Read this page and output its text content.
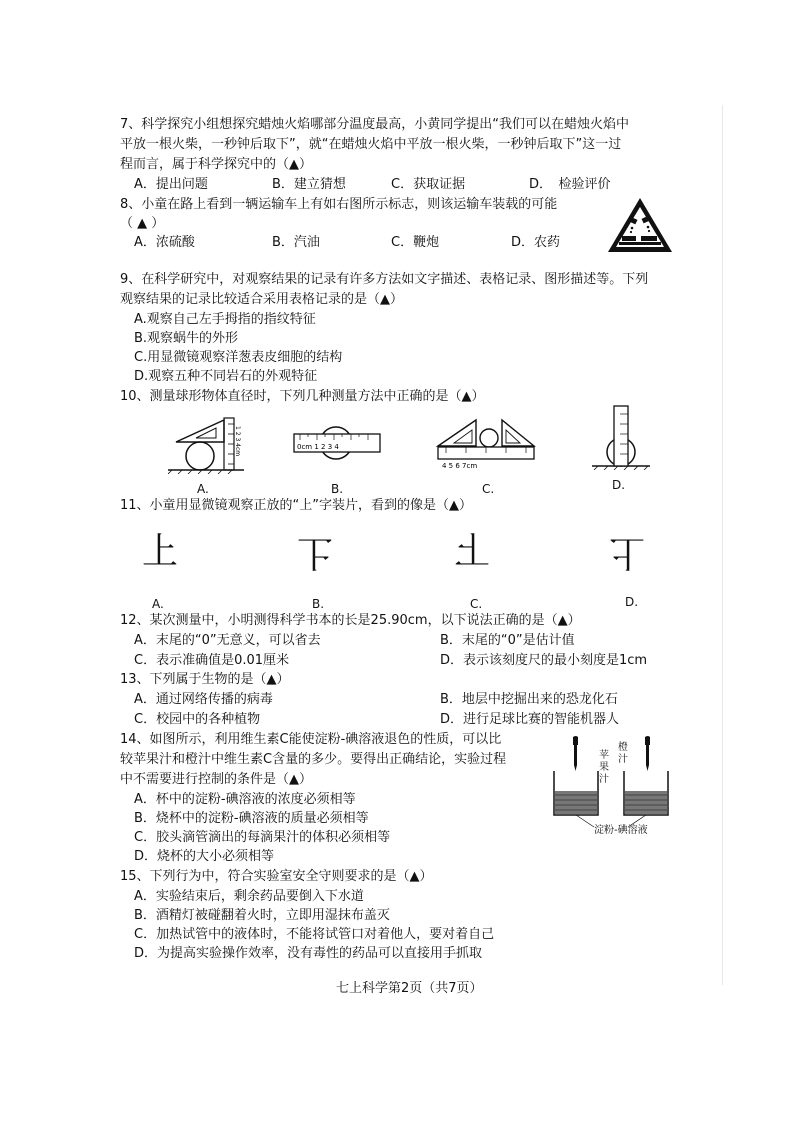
7、科学探究小组想探究蜡烛火焰哪部分温度最高，小黄同学提出“我们可以在蜡烛火焰中
平放一根火柴，一秒钟后取下”，就“在蜡烛火焰中平放一根火柴，一秒钟后取下”这一过
程而言，属于科学探究中的（▲）
A．提出问题	B．建立猜想	C．获取证据	D．　检验评价
8、小童在路上看到一辆运输车上有如右图所示标志，则该运输车装载的可能
（ ▲ ）
A．浓硫酸	B．汽油	C．鞭炮	D．农药
9、在科学研究中，对观察结果的记录有许多方法如文字描述、表格记录、图形描述等。下列
观察结果的记录比较适合采用表格记录的是（▲）
A.观察自己左手拇指的指纹特征
B.观察蜗牛的外形
C.用显微镜观察洋葱表皮细胞的结构
D.观察五种不同岩石的外观特征
10、测量球形物体直径时，下列几种测量方法中正确的是（▲）
1 2 3 4cm
A.
0cm 1 2 3 4
B.
4 5 6 7cm
C.	D.
11、小童用显微镜观察正放的“上”字装片，看到的像是（▲）
上	上	上	上
A.	B.	C.	D.
12、某次测量中，小明测得科学书本的长是25.90cm，以下说法正确的是（▲）
A．末尾的“0”无意义，可以省去	B．末尾的“0”是估计值
C．表示准确值是0.01厘米	D．表示该刻度尺的最小刻度是1cm
13、下列属于生物的是（▲）
A．通过网络传播的病毒	B．地层中挖掘出来的恐龙化石
C．校园中的各种植物	D．进行足球比赛的智能机器人
14、如图所示，利用维生素C能使淀粉-碘溶液退色的性质，可以比
较苹果汁和橙汁中维生素C含量的多少。要得出正确结论，实验过程
中不需要进行控制的条件是（▲）
A．杯中的淀粉-碘溶液的浓度必须相等
B．烧杯中的淀粉-碘溶液的质量必须相等
C．胶头滴管滴出的每滴果汁的体积必须相等
D．烧杯的大小必须相等
苹果汁
橙汁
淀粉-碘溶液
15、下列行为中，符合实验室安全守则要求的是（▲）
A．实验结束后，剩余药品要倒入下水道
B．酒精灯被碰翻着火时，立即用湿抹布盖灭
C．加热试管中的液体时，不能将试管口对着他人，要对着自己
D．为提高实验操作效率，没有毒性的药品可以直接用手抓取
七上科学第2页（共7页）
